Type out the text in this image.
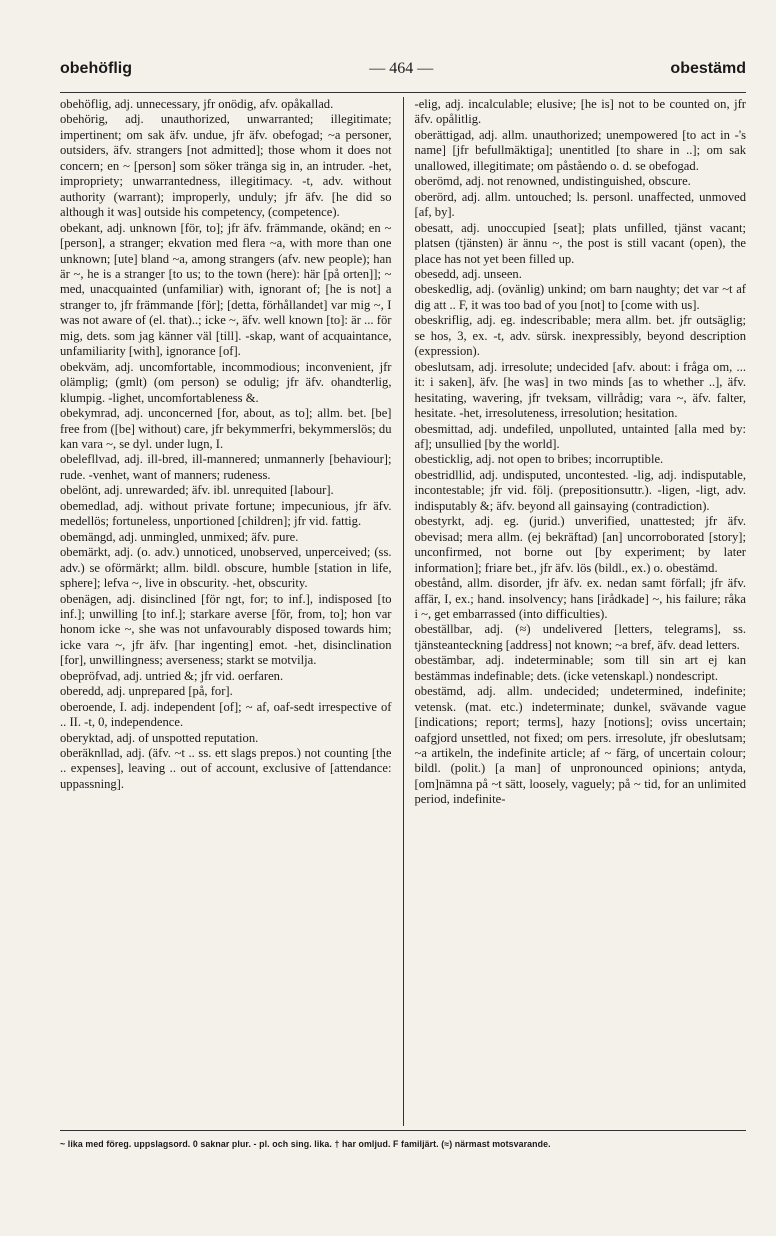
obehöflig	— 464 —	obestämd

obehöflig, adj. unnecessary, jfr onödig, afv. opåkallad.

obehörig, adj. unauthorized, unwarranted; illegitimate; impertinent; om sak äfv. undue, jfr äfv. obefogad; ~a personer, outsiders, äfv. strangers [not admitted]; those whom it does not concern; en ~ [person] som söker tränga sig in, an intruder. -het, impropriety; unwarrantedness, illegitimacy. -t, adv. without authority (warrant); improperly, unduly; jfr äfv. [he did so although it was] outside his competency, (competence).

obekant, adj. unknown [för, to]; jfr äfv. främmande, okänd; en ~ [person], a stranger; ekvation med flera ~a, with more than one unknown; [ute] bland ~a, among strangers (afv. new people); han är ~, he is a stranger [to us; to the town (here): här [på orten]]; ~ med, unacquainted (unfamiliar) with, ignorant of; [he is not] a stranger to, jfr främmande [för]; [detta, förhållandet] var mig ~, I was not aware of (el. that)..; icke ~, äfv. well known [to]: är ... för mig, dets. som jag känner väl [till]. -skap, want of acquaintance, unfamiliarity [with], ignorance [of].

obekväm, adj. uncomfortable, incommodious; inconvenient, jfr olämplig; (gmlt) (om person) se odulig; jfr äfv. ohandterlig, klumpig. -lighet, uncomfortableness &.

obekymrad, adj. unconcerned [for, about, as to]; allm. bet. [be] free from ([be] without) care, jfr bekymmerfri, bekymmerslös; du kan vara ~, se dyl. under lugn, I.

obelefllvad, adj. ill-bred, ill-mannered; unmannerly [behaviour]; rude. -venhet, want of manners; rudeness.

obelönt, adj. unrewarded; äfv. ibl. unrequited [labour].

obemedlad, adj. without private fortune; impecunious, jfr äfv. medellös; fortuneless, unportioned [children]; jfr vid. fattig.

obemängd, adj. unmingled, unmixed; äfv. pure.

obemärkt, adj. (o. adv.) unnoticed, unobserved, unperceived; (ss. adv.) se oförmärkt; allm. bildl. obscure, humble [station in life, sphere]; lefva ~, live in obscurity. -het, obscurity.

obenägen, adj. disinclined [för ngt, for; to inf.], indisposed [to inf.]; unwilling [to inf.]; starkare averse [för, from, to]; hon var honom icke ~, she was not unfavourably disposed towards him; icke vara ~, jfr äfv. [har ingenting] emot. -het, disinclination [for], unwillingness; averseness; starkt se motvilja.

obepröfvad, adj. untried &; jfr vid. oerfaren.

oberedd, adj. unprepared [på, for].

oberoende, I. adj. independent [of]; ~ af, oaf-sedt irrespective of .. II. -t, 0, independence.

oberyktad, adj. of unspotted reputation.

oberäknllad, adj. (äfv. ~t .. ss. ett slags prepos.) not counting [the .. expenses], leaving .. out of account, exclusive of [attendance: uppassning].

-elig, adj. incalculable; elusive; [he is] not to be counted on, jfr äfv. opålitlig.

oberättigad, adj. allm. unauthorized; unempowered [to act in -'s name] [jfr befullmäktiga]; unentitled [to share in ..]; om sak unallowed, illegitimate; om påståendo o. d. se obefogad.

oberömd, adj. not renowned, undistinguished, obscure.

oberörd, adj. allm. untouched; ls. personl. unaffected, unmoved [af, by].

obesatt, adj. unoccupied [seat]; plats unfilled, tjänst vacant; platsen (tjänsten) är ännu ~, the post is still vacant (open), the place has not yet been filled up.

obesedd, adj. unseen.

obeskedlig, adj. (ovänlig) unkind; om barn naughty; det var ~t af dig att .. F, it was too bad of you [not] to [come with us].

obeskriflig, adj. eg. indescribable; mera allm. bet. jfr outsäglig; se hos, 3, ex. -t, adv. sürsk. inexpressibly, beyond description (expression).

obeslutsam, adj. irresolute; undecided [afv. about: i fråga om, ... it: i saken], äfv. [he was] in two minds [as to whether ..], äfv. hesitating, wavering, jfr tveksam, villrådig; vara ~, äfv. falter, hesitate. -het, irresoluteness, irresolution; hesitation.

obesmittad, adj. undefiled, unpolluted, untainted [alla med by: af]; unsullied [by the world].

obesticklig, adj. not open to bribes; incorruptible.

obestridllid, adj. undisputed, uncontested. -lig, adj. indisputable, incontestable; jfr vid. följ. (prepositionsuttr.). -ligen, -ligt, adv. indisputably &; äfv. beyond all gainsaying (contradiction).

obestyrkt, adj. eg. (jurid.) unverified, unattested; jfr äfv. obevisad; mera allm. (ej bekräftad) [an] uncorroborated [story]; unconfirmed, not borne out [by experiment; by later information]; friare bet., jfr äfv. lös (bildl., ex.) o. obestämd.

obestånd, allm. disorder, jfr äfv. ex. nedan samt förfall; jfr äfv. affär, I, ex.; hand. insolvency; hans [irådkade] ~, his failure; råka i ~, get embarrassed (into difficulties).

obeställbar, adj. (≈) undelivered [letters, telegrams], ss. tjänsteanteckning [address] not known; ~a bref, äfv. dead letters.

obestämbar, adj. indeterminable; som till sin art ej kan bestämmas indefinable; dets. (icke vetenskapl.) nondescript.

obestämd, adj. allm. undecided; undetermined, indefinite; vetensk. (mat. etc.) indeterminate; dunkel, svävande vague [indications; report; terms], hazy [notions]; oviss uncertain; oafgjord unsettled, not fixed; om pers. irresolute, jfr obeslutsam; ~a artikeln, the indefinite article; af ~ färg, of uncertain colour; bildl. (polit.) [a man] of unpronounced opinions; antyda, [om]nämna på ~t sätt, loosely, vaguely; på ~ tid, for an unlimited period, indefinite-

~ lika med föreg. uppslagsord. 0 saknar plur. - pl. och sing. lika. † har omljud. F familjärt. (≈) närmast motsvarande.
